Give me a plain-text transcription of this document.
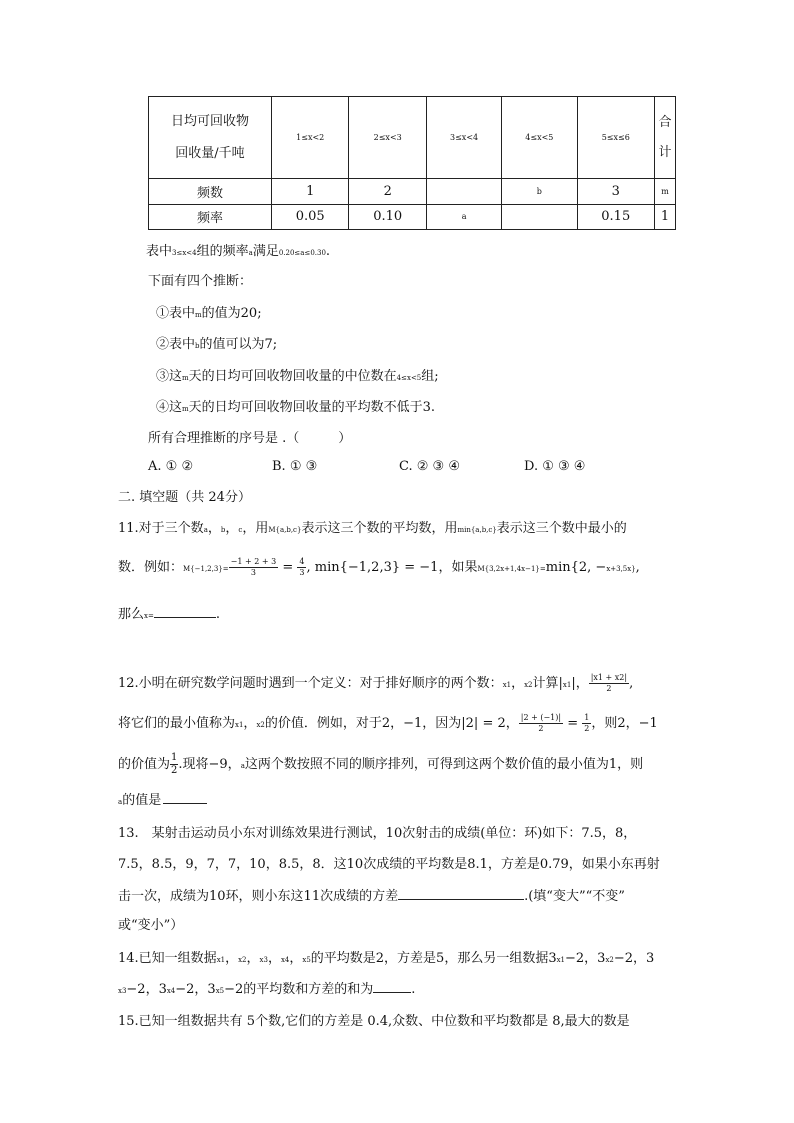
日均可回收物
回收量/千吨	1≤x<2	2≤x<3	3≤x<4	4≤x<5	5≤x≤6	合
计
频数	1	2		b	3	m
频率	0.05	0.10	a		0.15	1
表中3≤x<4组的频率a满足0.20≤a≤0.30.
下面有四个推断：
①表中m的值为20;
②表中b的值可以为7;
③这m天的日均可回收物回收量的中位数在4≤x<5组;
④这m天的日均可回收物回收量的平均数不低于3.
所有合理推断的序号是 .（　　　）
A. ① ②	B. ① ③	C. ② ③ ④	D. ① ③ ④
二. 填空题（共 24分）
11.对于三个数a，b，c，用M{a,b,c}表示这三个数的平均数，用min{a,b,c}表示这三个数中最小的
数．例如：$M\{-1,2,3\}= \frac{-1 + 2 + 3}{3} = \frac{4}{3}$ , min{−1,2,3} = −1，如果M{3,2x+1,4x−1}=min{2, −x+3,5x},
那么x=	.
12.小明在研究数学问题时遇到一个定义：对于排好顺序的两个数：x1，x2计算|x1|， $\frac{|x1 + x2|}{2}$ ,
将它们的最小值称为x1，x2的价值．例如，对于2，−1，因为|2| = 2， $\frac{|2 + (-1)|}{2} = \frac{1}{2}$ ，则2，−1
的价值为 $\frac{1}{2}$.现将−9，a这两个数按照不同的顺序排列，可得到这两个数价值的最小值为1，则
a的值是
13.　某射击运动员小东对训练效果进行测试，10次射击的成绩(单位：环)如下：7.5，8，
7.5，8.5，9，7，7，10，8.5，8．这10次成绩的平均数是8.1，方差是0.79，如果小东再射
击一次，成绩为10环，则小东这11次成绩的方差	.(填“变大”“不变”
或“变小”）
14.已知一组数据x1，x2，x3，x4，x5的平均数是2，方差是5，那么另一组数据3x1−2，3x2−2，3
x3−2，3x4−2，3x5−2的平均数和方差的和为	.
15.已知一组数据共有 5个数,它们的方差是 0.4,众数、中位数和平均数都是 8,最大的数是
